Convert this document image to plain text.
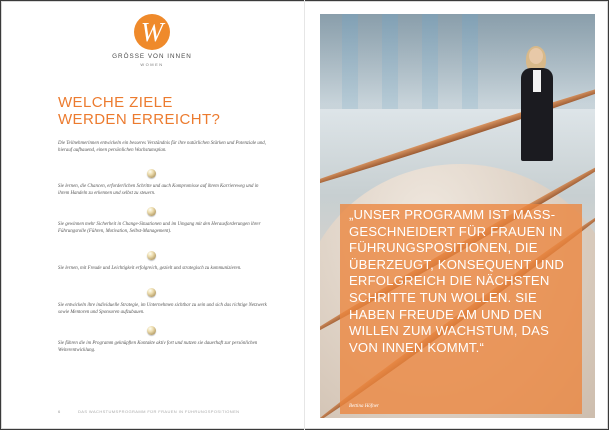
W
GRÖSSE VON INNEN
WOMEN
WELCHE ZIELE
WERDEN ERREICHT?
Die Teilnehmerinnen entwickeln ein besseres Verständnis für ihre natürlichen Stärken und Potenziale und, hierauf aufbauend, einen persönlichen Wachstumsplan.
Sie lernen, die Chancen, erforderlichen Schritte und auch Kompromisse auf ihrem Karriereweg und in ihrem Handeln zu erkennen und selbst zu steuern.
Sie gewinnen mehr Sicherheit in Change-Situationen und im Umgang mit den Herausforderungen ihrer Führungsrolle (Führen, Motivation, Selbst-Management).
Sie lernen, mit Freude und Leichtigkeit erfolgreich, gezielt und strategisch zu kommunizieren.
Sie entwickeln ihre individuelle Strategie, im Unternehmen sichtbar zu sein und sich das richtige Netzwerk sowie Mentoren und Sponsoren aufzubauen.
Sie führen die im Programm geknüpften Kontakte aktiv fort und nutzen sie dauerhaft zur persönlichen Weiterentwicklung.
6	DAS WACHSTUMSPROGRAMM FÜR FRAUEN IN FÜHRUNGSPOSITIONEN
„UNSER PROGRAMM IST MASS-
GESCHNEIDERT FÜR FRAUEN IN
FÜHRUNGSPOSITIONEN, DIE
ÜBERZEUGT, KONSEQUENT UND
ERFOLGREICH DIE NÄCHSTEN
SCHRITTE TUN WOLLEN. SIE
HABEN FREUDE AM UND DEN
WILLEN ZUM WACHSTUM, DAS
VON INNEN KOMMT.“
Bettina Höfner
